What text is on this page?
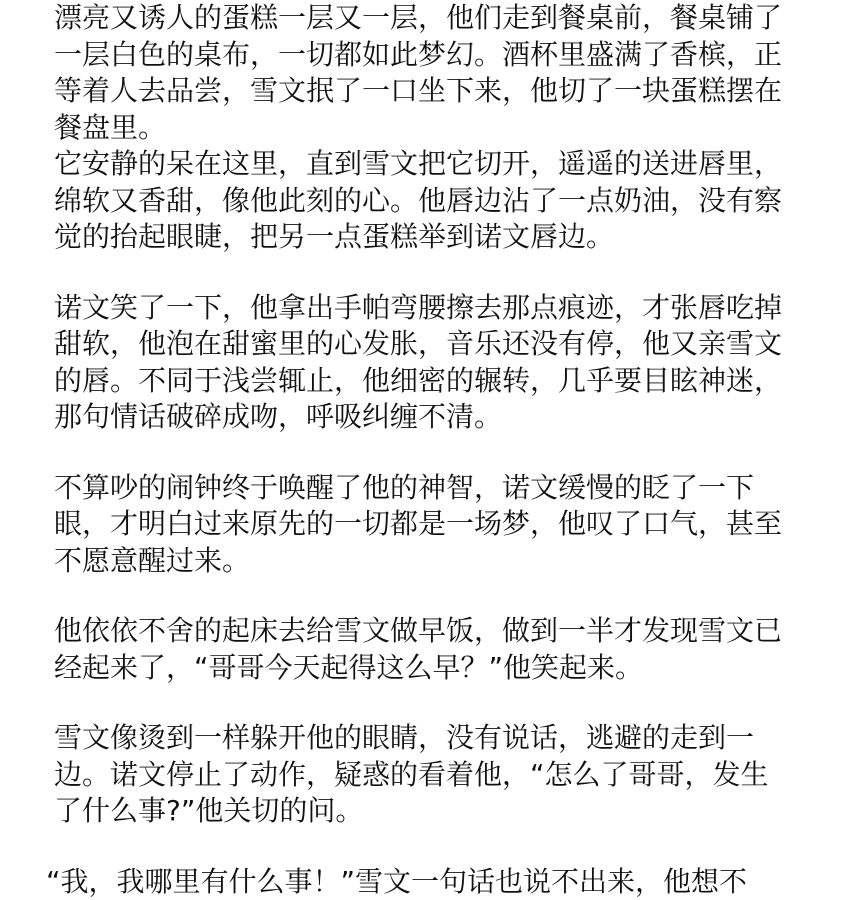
漂亮又诱人的蛋糕一层又一层，他们走到餐桌前，餐桌铺了
一层白色的桌布，一切都如此梦幻。酒杯里盛满了香槟，正
等着人去品尝，雪文抿了一口坐下来，他切了一块蛋糕摆在
餐盘里。
它安静的呆在这里，直到雪文把它切开，遥遥的送进唇里，
绵软又香甜，像他此刻的心。他唇边沾了一点奶油，没有察
觉的抬起眼睫，把另一点蛋糕举到诺文唇边。
诺文笑了一下，他拿出手帕弯腰擦去那点痕迹，才张唇吃掉
甜软，他泡在甜蜜里的心发胀，音乐还没有停，他又亲雪文
的唇。不同于浅尝辄止，他细密的辗转，几乎要目眩神迷，
那句情话破碎成吻，呼吸纠缠不清。
不算吵的闹钟终于唤醒了他的神智，诺文缓慢的眨了一下
眼，才明白过来原先的一切都是一场梦，他叹了口气，甚至
不愿意醒过来。
他依依不舍的起床去给雪文做早饭，做到一半才发现雪文已
经起来了，“哥哥今天起得这么早？”他笑起来。
雪文像烫到一样躲开他的眼睛，没有说话，逃避的走到一
边。诺文停止了动作，疑惑的看着他，“怎么了哥哥，发生
了什么事?”他关切的问。
“我，我哪里有什么事！”雪文一句话也说不出来，他想不
